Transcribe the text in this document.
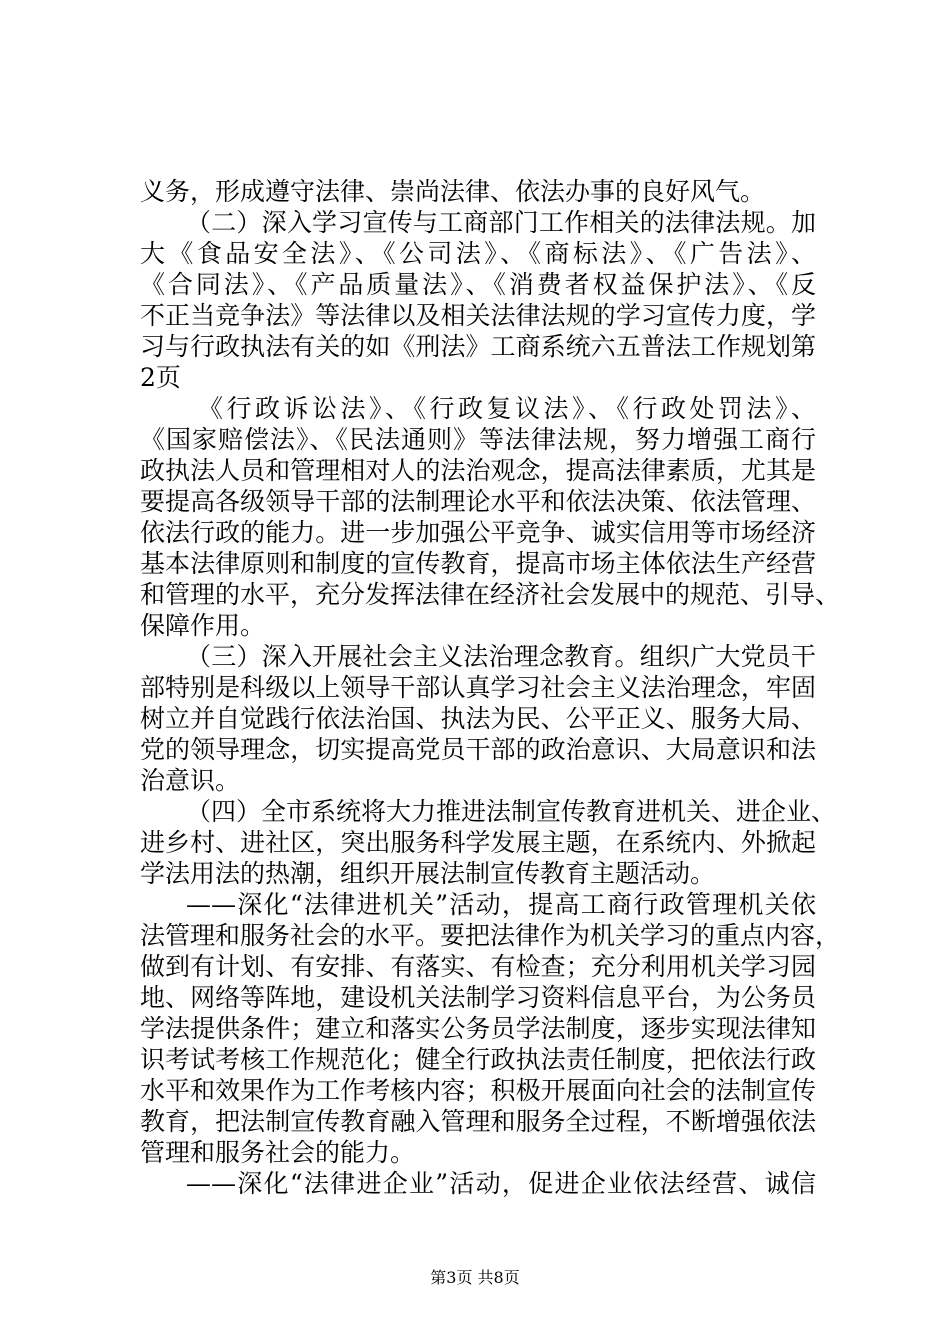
义务，形成遵守法律、崇尚法律、依法办事的良好风气。
（二）深入学习宣传与工商部门工作相关的法律法规。加
大《食品安全法》、《公司法》、《商标法》、《广告法》、
《合同法》、《产品质量法》、《消费者权益保护法》、《反
不正当竞争法》等法律以及相关法律法规的学习宣传力度，学
习与行政执法有关的如《刑法》工商系统六五普法工作规划第
2页
《行政诉讼法》、《行政复议法》、《行政处罚法》、
《国家赔偿法》、《民法通则》等法律法规，努力增强工商行
政执法人员和管理相对人的法治观念，提高法律素质，尤其是
要提高各级领导干部的法制理论水平和依法决策、依法管理、
依法行政的能力。进一步加强公平竞争、诚实信用等市场经济
基本法律原则和制度的宣传教育，提高市场主体依法生产经营
和管理的水平，充分发挥法律在经济社会发展中的规范、引导、
保障作用。
（三）深入开展社会主义法治理念教育。组织广大党员干
部特别是科级以上领导干部认真学习社会主义法治理念，牢固
树立并自觉践行依法治国、执法为民、公平正义、服务大局、
党的领导理念，切实提高党员干部的政治意识、大局意识和法
治意识。
（四）全市系统将大力推进法制宣传教育进机关、进企业、
进乡村、进社区，突出服务科学发展主题，在系统内、外掀起
学法用法的热潮，组织开展法制宣传教育主题活动。
——深化“法律进机关”活动，提高工商行政管理机关依
法管理和服务社会的水平。要把法律作为机关学习的重点内容，
做到有计划、有安排、有落实、有检查；充分利用机关学习园
地、网络等阵地，建设机关法制学习资料信息平台，为公务员
学法提供条件；建立和落实公务员学法制度，逐步实现法律知
识考试考核工作规范化；健全行政执法责任制度，把依法行政
水平和效果作为工作考核内容；积极开展面向社会的法制宣传
教育，把法制宣传教育融入管理和服务全过程，不断增强依法
管理和服务社会的能力。
——深化“法律进企业”活动，促进企业依法经营、诚信
第3页 共8页
